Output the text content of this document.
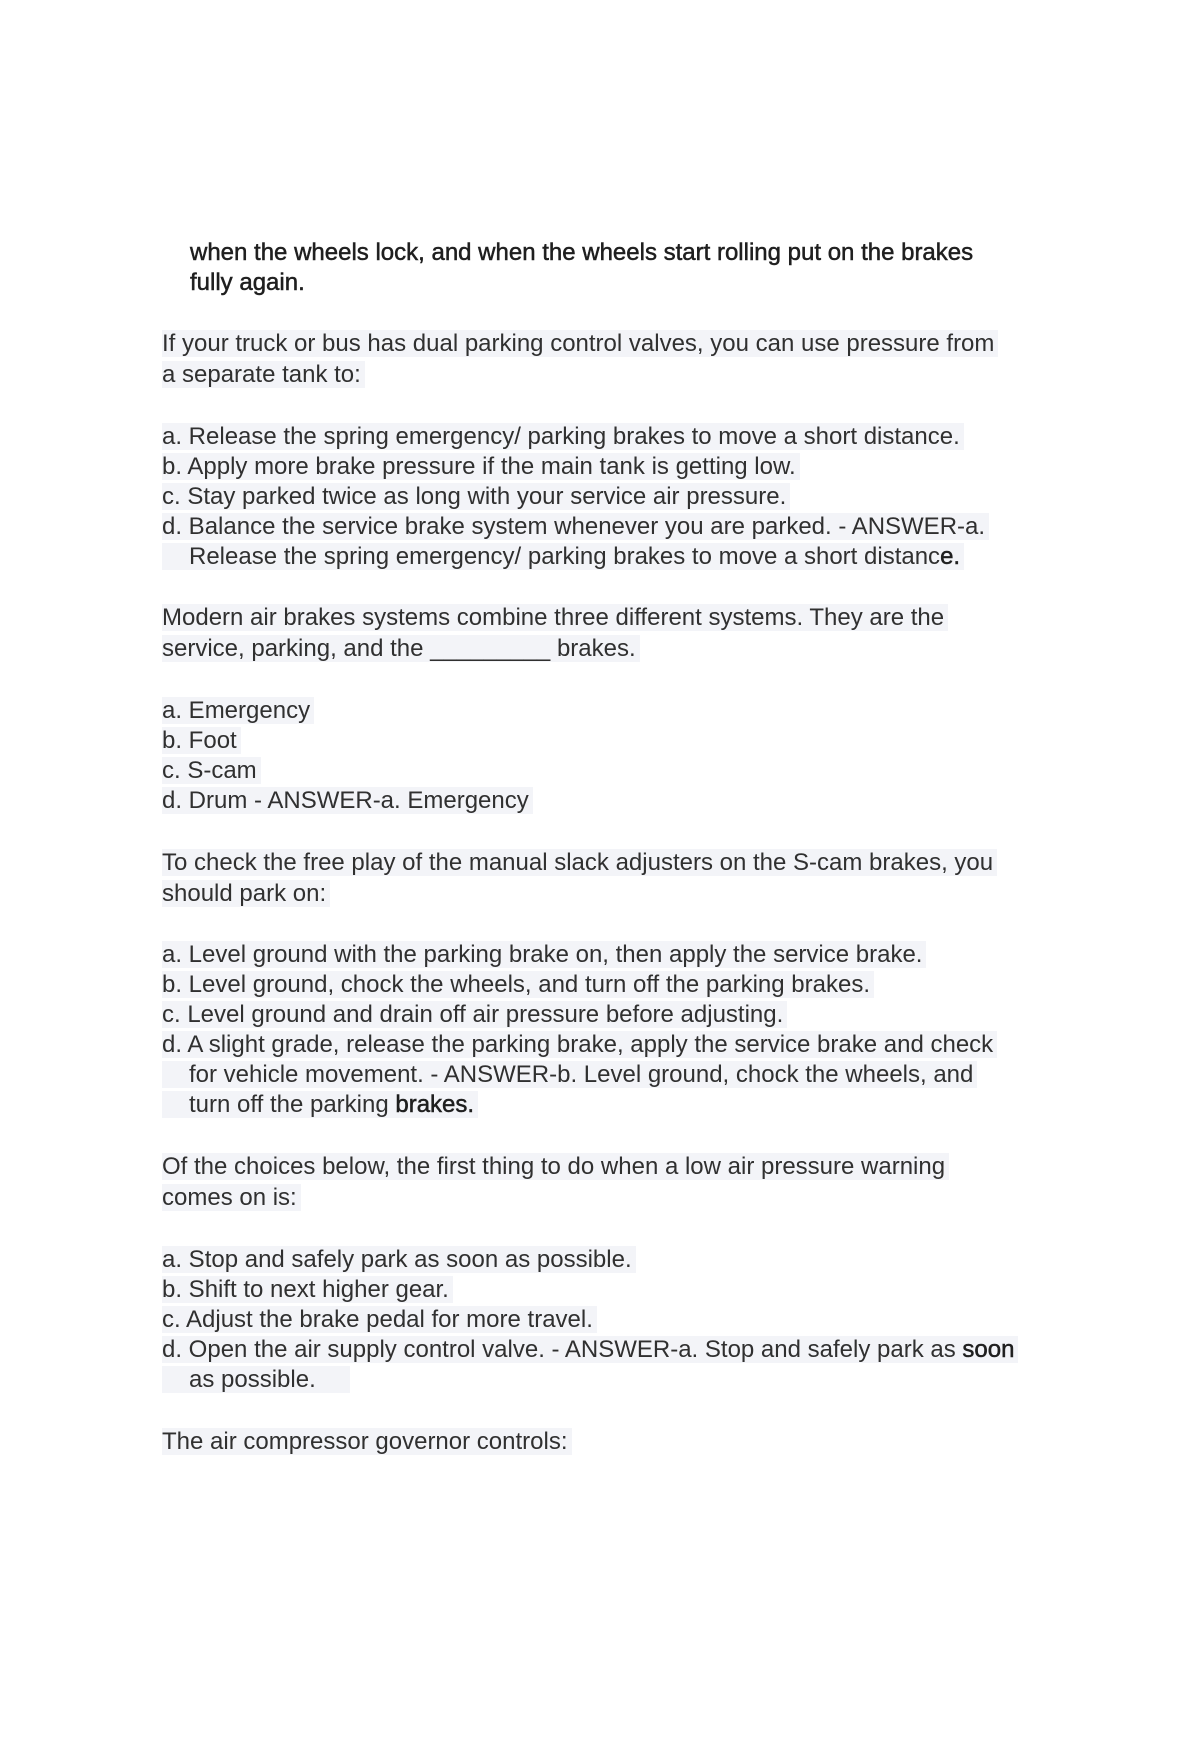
when the wheels lock, and when the wheels start rolling put on the brakes
fully again.
If your truck or bus has dual parking control valves, you can use pressure from
a separate tank to:
a. Release the spring emergency/ parking brakes to move a short distance.
b. Apply more brake pressure if the main tank is getting low.
c. Stay parked twice as long with your service air pressure.
d. Balance the service brake system whenever you are parked. - ANSWER-a.
Release the spring emergency/ parking brakes to move a short distance.
Modern air brakes systems combine three different systems. They are the
service, parking, and the _________ brakes.
a. Emergency
b. Foot
c. S-cam
d. Drum - ANSWER-a. Emergency
To check the free play of the manual slack adjusters on the S-cam brakes, you
should park on:
a. Level ground with the parking brake on, then apply the service brake.
b. Level ground, chock the wheels, and turn off the parking brakes.
c. Level ground and drain off air pressure before adjusting.
d. A slight grade, release the parking brake, apply the service brake and check
for vehicle movement. - ANSWER-b. Level ground, chock the wheels, and
turn off the parking brakes.
Of the choices below, the first thing to do when a low air pressure warning
comes on is:
a. Stop and safely park as soon as possible.
b. Shift to next higher gear.
c. Adjust the brake pedal for more travel.
d. Open the air supply control valve. - ANSWER-a. Stop and safely park as soon
as possible.
The air compressor governor controls:
